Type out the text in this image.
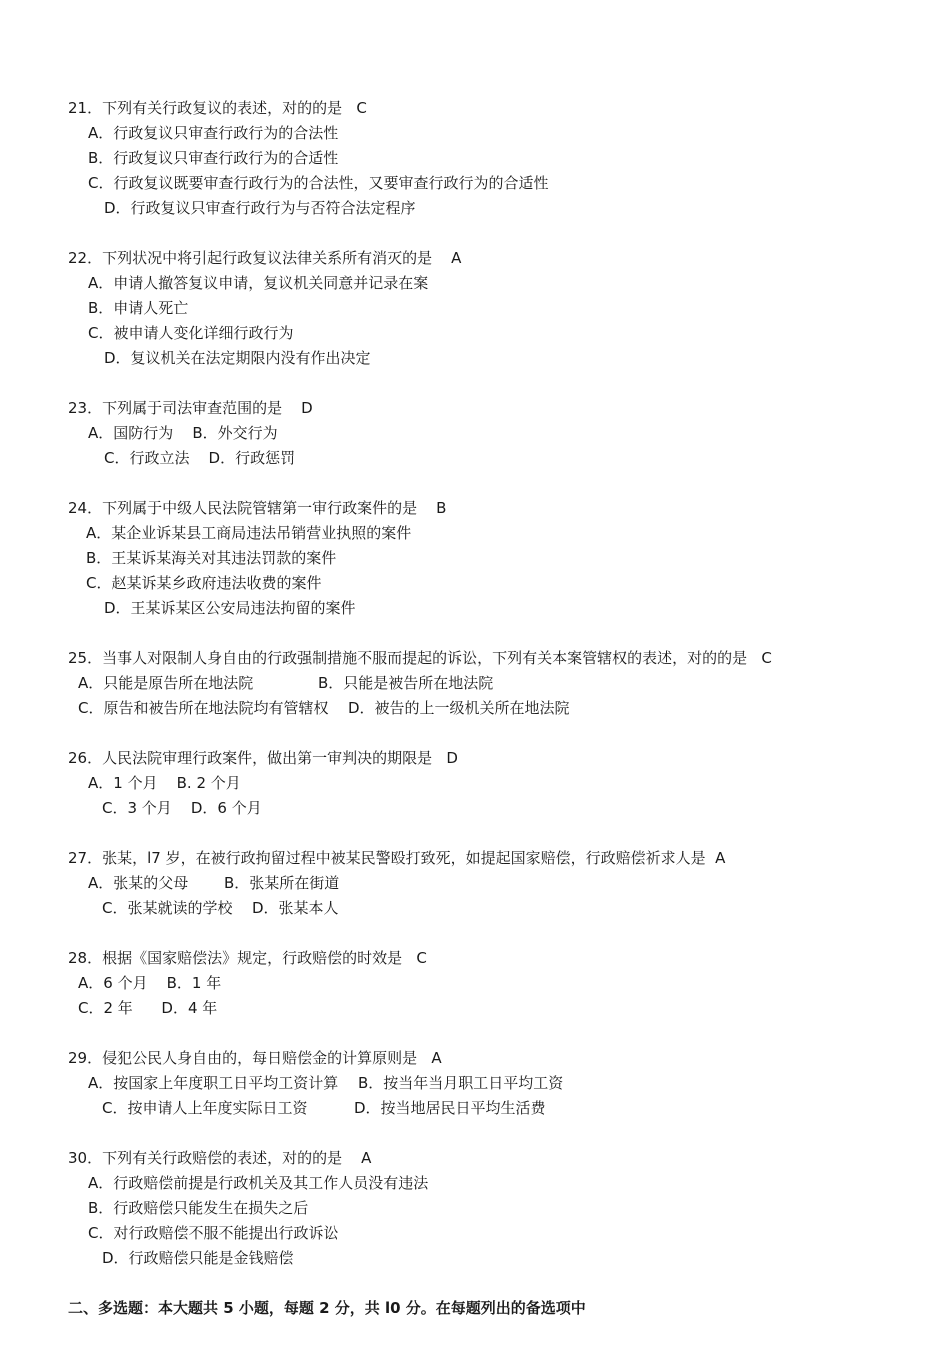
21．下列有关行政复议的表述，对的的是   C
A．行政复议只审查行政行为的合法性
B．行政复议只审查行政行为的合适性
C．行政复议既要审查行政行为的合法性，又要审查行政行为的合适性
D．行政复议只审查行政行为与否符合法定程序
22．下列状况中将引起行政复议法律关系所有消灭的是    A
A．申请人撤答复议申请，复议机关同意并记录在案
B．申请人死亡
C．被申请人变化详细行政行为
D．复议机关在法定期限内没有作出决定
23．下列属于司法审查范围的是    D
A．国防行为    B．外交行为
C．行政立法    D．行政惩罚
24．下列属于中级人民法院管辖第一审行政案件的是    B
A．某企业诉某县工商局违法吊销营业执照的案件
B．王某诉某海关对其违法罚款的案件
C．赵某诉某乡政府违法收费的案件
D．王某诉某区公安局违法拘留的案件
25．当事人对限制人身自由的行政强制措施不服而提起的诉讼，下列有关本案管辖权的表述，对的的是   C
A．只能是原告所在地法院	B．只能是被告所在地法院
C．原告和被告所在地法院均有管辖权 D．被告的上一级机关所在地法院
26．人民法院审理行政案件，做出第一审判决的期限是   D
A．1 个月    B. 2 个月
C．3 个月    D．6 个月
27．张某，l7 岁，在被行政拘留过程中被某民警殴打致死，如提起国家赔偿，行政赔偿祈求人是  A
A．张某的父母 B．张某所在街道
C．张某就读的学校 D．张某本人
28．根据《国家赔偿法》规定，行政赔偿的时效是   C
A．6 个月    B．1 年
C．2 年      D．4 年
29．侵犯公民人身自由的，每日赔偿金的计算原则是   A
A．按国家上年度职工日平均工资计算 B．按当年当月职工日平均工资
C．按申请人上年度实际日工资	D．按当地居民日平均生活费
30．下列有关行政赔偿的表述，对的的是    A
A．行政赔偿前提是行政机关及其工作人员没有违法
B．行政赔偿只能发生在损失之后
C．对行政赔偿不服不能提出行政诉讼
D．行政赔偿只能是金钱赔偿
二、多选题：本大题共 5 小题，每题 2 分，共 l0 分。在每题列出的备选项中
